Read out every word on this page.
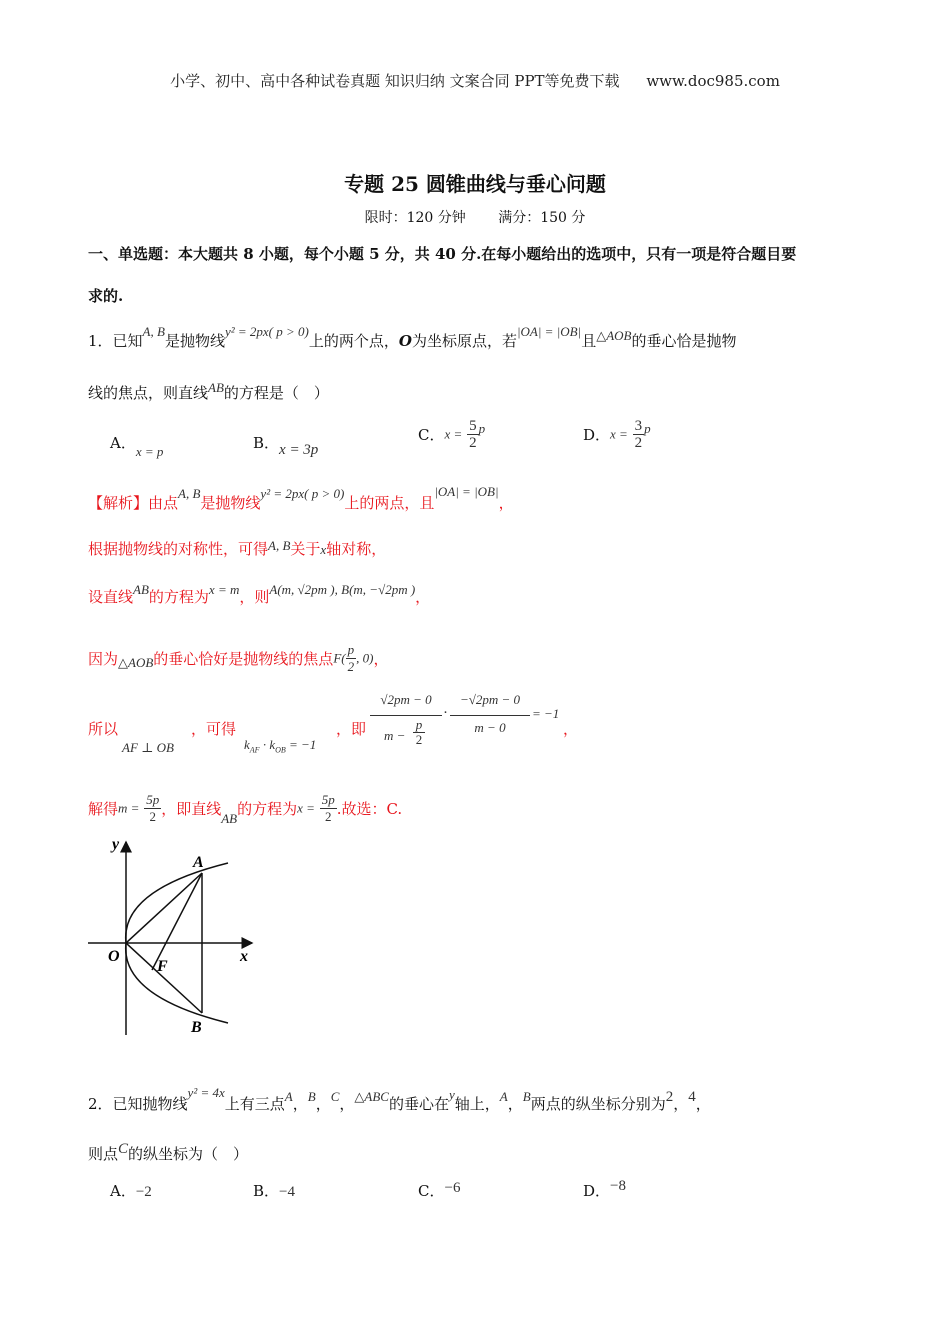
小学、初中、高中各种试卷真题 知识归纳 文案合同 PPT等免费下载 www.doc985.com
专题 25 圆锥曲线与垂心问题
限时：120 分钟 满分：150 分
一、单选题：本大题共 8 小题，每个小题 5 分，共 40 分.在每小题给出的选项中，只有一项是符合题目要
求的.
1．已知A, B是抛物线y² = 2px( p > 0)上的两个点，O为坐标原点，若|OA| = |OB|且△AOB的垂心恰是抛物
线的焦点，则直线AB的方程是（　）
A．x = p	B．x = 3p
C．$x = \frac{5}{2}$ p	D．$x = \frac{3}{2}$ p
【解析】由点A, B是抛物线y² = 2px( p > 0)上的两点，且|OA| = |OB|，
根据抛物线的对称性，可得A, B关于x轴对称，
设直线AB的方程为x = m，则A(m, √2pm ), B(m, −√2pm )，
因为△AOB的垂心恰好是抛物线的焦点$F( \frac{p}{2}$ , 0)，
所以
AF ⊥ OB
，可得
$k_{AF} \cdot k_{OB} = -1$
，即
√2pm − 0
$m - \frac{p}{2}$
·
−√2pm − 0
m − 0
= −1
，
解得$m = \frac{5p}{2}$ ，即直线AB的方程为$x = \frac{5p}{2}$ .故选：C.
y
x
O
A
B
F
2．已知抛物线y² = 4x上有三点A，B，C，△ABC的垂心在y轴上，A，B两点的纵坐标分别为2，4，
则点C的纵坐标为（　）
A．−2	B．−4	C．−6	D．−8
